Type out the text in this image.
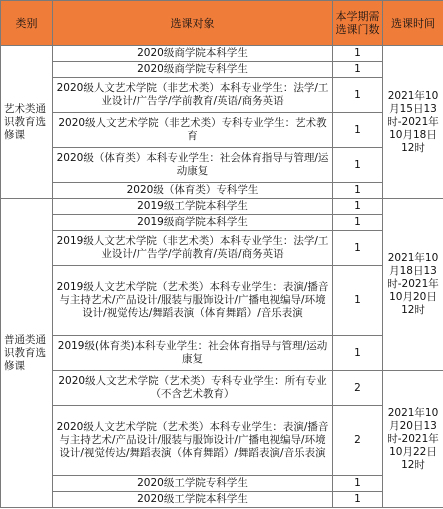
类别	选课对象	本学期需选课门数	选课时间
艺术类通识教育选修课	2020级商学院本科学生	1	2021年10月15日13时-2021年10月18日12时
	2020级商学院专科学生	1	
	2020级人文艺术学院（非艺术类）本科专业学生：法学/工业设计/广告学/学前教育/英语/商务英语	1	
	2020级人文艺术学院（非艺术类）专科专业学生：艺术教育	1	
	2020级（体育类）本科专业学生：社会体育指导与管理/运动康复	1	
	2020级（体育类）专科学生	1	
普通类通识教育选修课	2019级工学院本科学生	1	2021年10月18日13时-2021年10月20日12时
	2019级商学院本科学生	1	
	2019级人文艺术学院（非艺术类）本科专业学生：法学/工业设计/广告学/学前教育/英语/商务英语	1	
	2019级人文艺术学院（艺术类）本科专业学生：表演/播音与主持艺术/产品设计/服装与服饰设计/广播电视编导/环境设计/视觉传达/舞蹈表演（体育舞蹈）/音乐表演	1	
	2019级(体育类)本科专业学生：社会体育指导与管理/运动康复	1	
	2020级人文艺术学院（艺术类）专科专业学生：所有专业（不含艺术教育）	2	2021年10月20日13时-2021年10月22日12时
	2020级人文艺术学院（艺术类）本科专业学生：表演/播音与主持艺术/产品设计/服装与服饰设计/广播电视编导/环境设计/视觉传达/舞蹈表演（体育舞蹈）/舞蹈表演/音乐表演	2	
	2020级工学院专科学生	1	
	2020级工学院本科学生	1	
